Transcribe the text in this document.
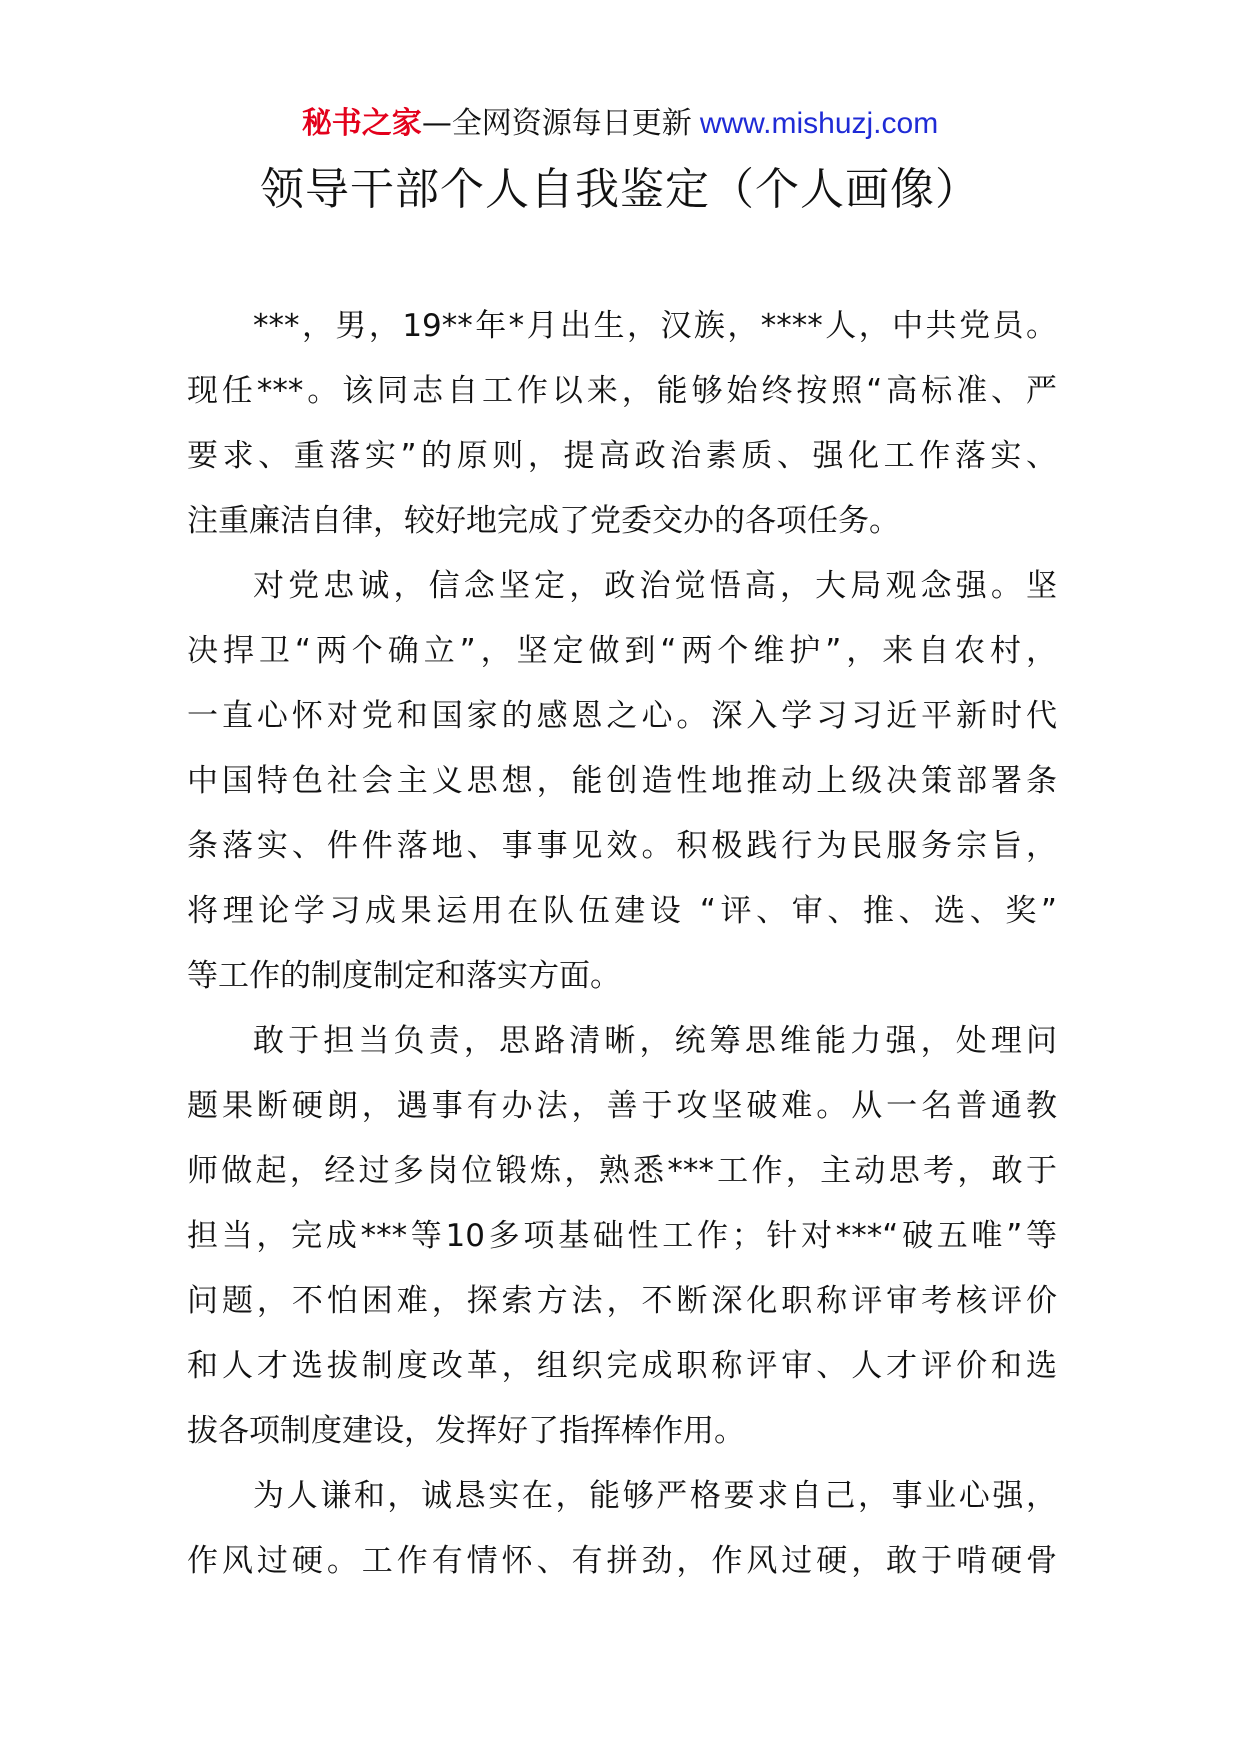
秘书之家—全网资源每日更新 www.mishuzj.com
领导干部个人自我鉴定（个人画像）
***，男，19**年*月出生，汉族，****人，中共党员。
现任***。该同志自工作以来，能够始终按照“高标准、严
要求、重落实”的原则，提高政治素质、强化工作落实、
注重廉洁自律，较好地完成了党委交办的各项任务。
对党忠诚，信念坚定，政治觉悟高，大局观念强。坚
决捍卫“两个确立”，坚定做到“两个维护”，来自农村，
一直心怀对党和国家的感恩之心。深入学习习近平新时代
中国特色社会主义思想，能创造性地推动上级决策部署条
条落实、件件落地、事事见效。积极践行为民服务宗旨，
将理论学习成果运用在队伍建设 “评、审、推、选、奖”
等工作的制度制定和落实方面。
敢于担当负责，思路清晰，统筹思维能力强，处理问
题果断硬朗，遇事有办法，善于攻坚破难。从一名普通教
师做起，经过多岗位锻炼，熟悉***工作，主动思考，敢于
担当，完成***等10多项基础性工作；针对***“破五唯”等
问题，不怕困难，探索方法，不断深化职称评审考核评价
和人才选拔制度改革，组织完成职称评审、人才评价和选
拔各项制度建设，发挥好了指挥棒作用。
为人谦和，诚恳实在，能够严格要求自己，事业心强，
作风过硬。工作有情怀、有拼劲，作风过硬，敢于啃硬骨
